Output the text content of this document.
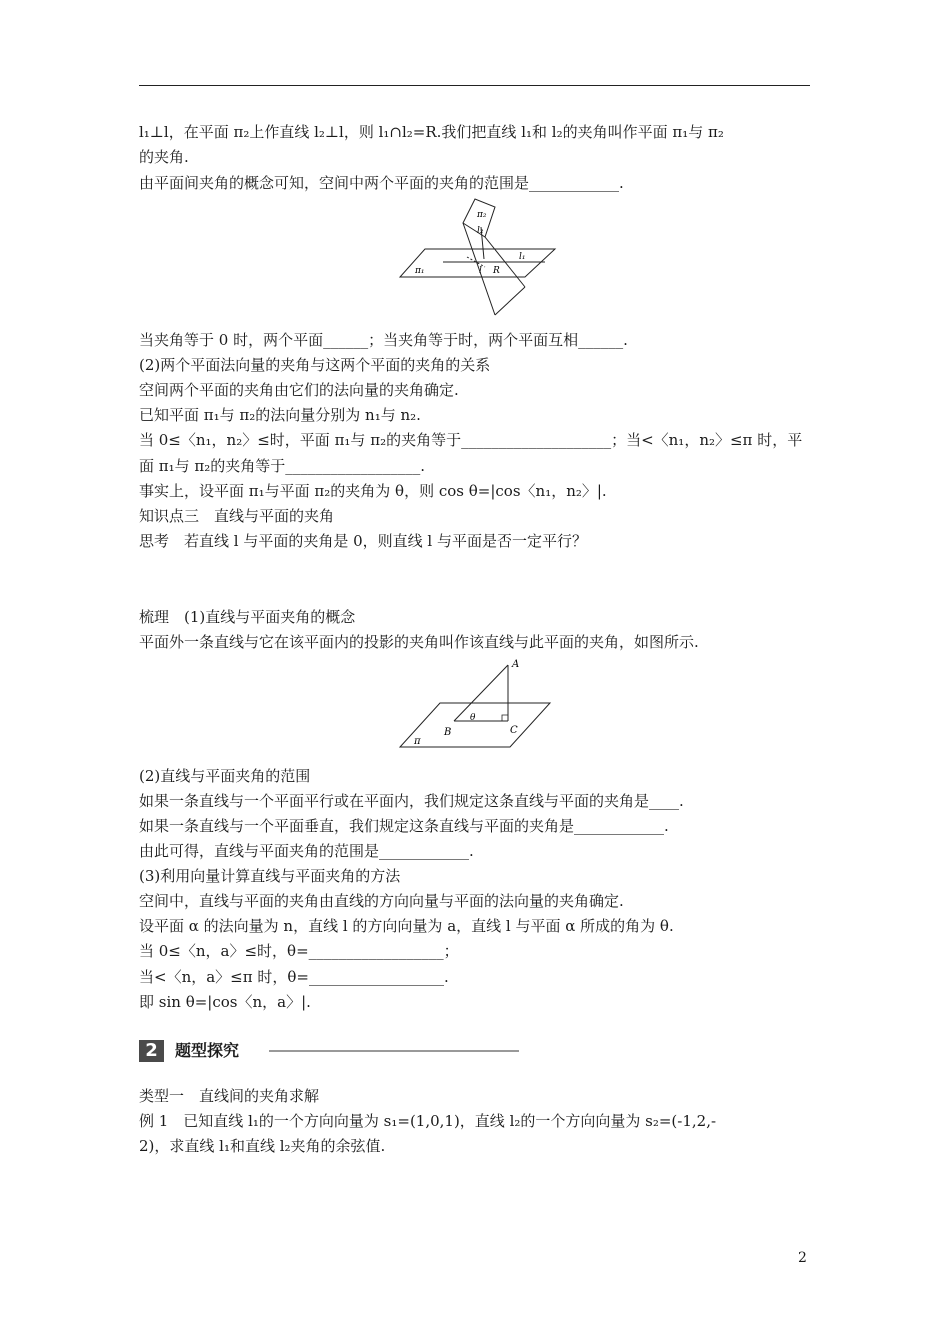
l₁⊥l，在平面 π₂上作直线 l₂⊥l，则 l₁∩l₂=R.我们把直线 l₁和 l₂的夹角叫作平面 π₁与 π₂
的夹角.
由平面间夹角的概念可知，空间中两个平面的夹角的范围是____________.
π₂
l₂
l₁
π₁	l R
当夹角等于 0 时，两个平面______；当夹角等于时，两个平面互相______.
(2)两个平面法向量的夹角与这两个平面的夹角的关系
空间两个平面的夹角由它们的法向量的夹角确定.
已知平面 π₁与 π₂的法向量分别为 n₁与 n₂.
当 0≤〈n₁，n₂〉≤时，平面 π₁与 π₂的夹角等于____________________；当<〈n₁，n₂〉≤π 时，平
面 π₁与 π₂的夹角等于__________________.
事实上，设平面 π₁与平面 π₂的夹角为 θ，则 cos θ=|cos〈n₁，n₂〉|.
知识点三　直线与平面的夹角
思考　若直线 l 与平面的夹角是 0，则直线 l 与平面是否一定平行？
梳理　(1)直线与平面夹角的概念
平面外一条直线与它在该平面内的投影的夹角叫作该直线与此平面的夹角，如图所示.
A
θ
B	C
π
(2)直线与平面夹角的范围
如果一条直线与一个平面平行或在平面内，我们规定这条直线与平面的夹角是____.
如果一条直线与一个平面垂直，我们规定这条直线与平面的夹角是____________.
由此可得，直线与平面夹角的范围是____________.
(3)利用向量计算直线与平面夹角的方法
空间中，直线与平面的夹角由直线的方向向量与平面的法向量的夹角确定.
设平面 α 的法向量为 n，直线 l 的方向向量为 a，直线 l 与平面 α 所成的角为 θ.
当 0≤〈n，a〉≤时，θ=__________________；
当<〈n，a〉≤π 时，θ=__________________.
即 sin θ=|cos〈n，a〉|.
2	题型探究
类型一　直线间的夹角求解
例 1　已知直线 l₁的一个方向向量为 s₁=(1,0,1)，直线 l₂的一个方向向量为 s₂=(-1,2,-
2)，求直线 l₁和直线 l₂夹角的余弦值.
2
